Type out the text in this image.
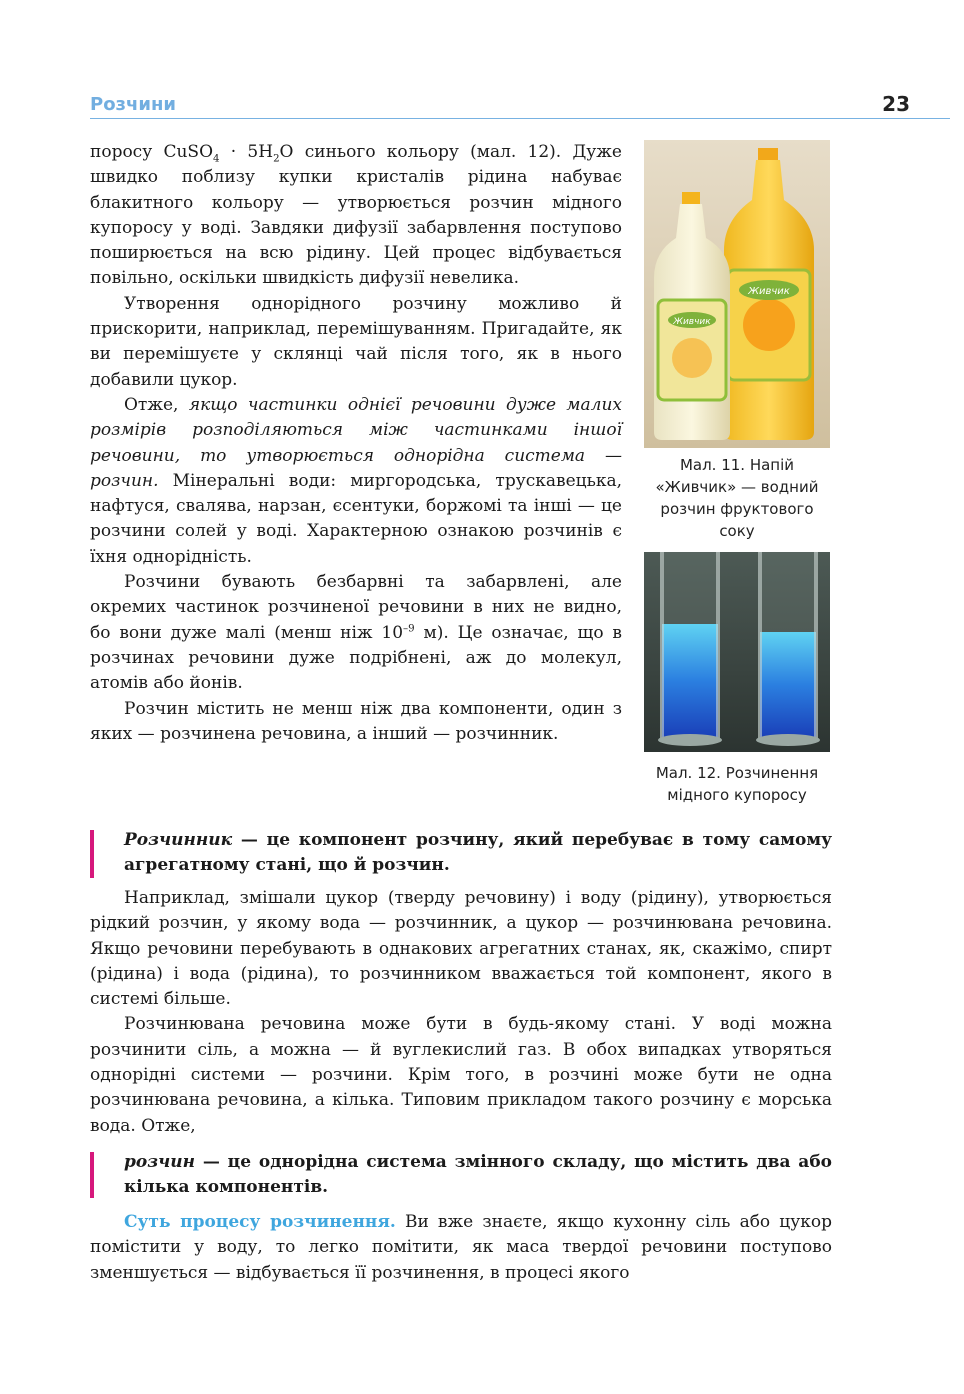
Розчини	23

поросу CuSO$_4$ · $5H_2O$ синього кольору (мал. 12). Дуже швидко поблизу купки кристалів рідина набуває блакитного кольору — утворюється розчин мідного купоросу у воді. Завдяки дифузії забарвлення поступово поширюється на всю рідину. Цей процес відбувається повільно, оскільки швидкість дифузії невелика.

Утворення однорідного розчину можливо й прискорити, наприклад, перемішуванням. Пригадайте, як ви перемішуєте у склянці чай після того, як в нього добавили цукор.

Отже, якщо частинки однієї речовини дуже малих розмірів розподіляються між частинками іншої речовини, то утворюється однорідна система — розчин. Мінеральні води: миргородська, трускавецька, нафтуся, свалява, нарзан, єсентуки, боржомі та інші — це розчини солей у воді. Характерною ознакою розчинів є їхня однорідність.

Розчини бувають безбарвні та забарвлені, але окремих частинок розчиненої речовини в них не видно, бо вони дуже малі (менш ніж $10^{-9}$ м). Це означає, що в розчинах речовини дуже подрібнені, аж до молекул, атомів або йонів.

Розчин містить не менш ніж два компоненти, один з яких — розчинена речовина, а інший — розчинник.

Живчик
Живчик
Мал. 11. Напій «Живчик» — водний розчин фруктового соку
Мал. 12. Розчинення мідного купоросу
Розчинник — це компонент розчину, який перебуває в тому самому агрегатному стані, що й розчин.

Наприклад, змішали цукор (тверду речовину) і воду (рідину), утворюється рідкий розчин, у якому вода — розчинник, а цукор — розчинювана речовина. Якщо речовини перебувають в однакових агрегатних станах, як, скажімо, спирт (рідина) і вода (рідина), то розчинником вважається той компонент, якого в системі більше.

Розчинювана речовина може бути в будь-якому стані. У воді можна розчинити сіль, а можна — й вуглекислий газ. В обох випадках утворяться однорідні системи — розчини. Крім того, в розчині може бути не одна розчинювана речовина, а кілька. Типовим прикладом такого розчину є морська вода. Отже,

розчин — це однорідна система змінного складу, що містить два або кілька компонентів.

Суть процесу розчинення. Ви вже знаєте, якщо кухонну сіль або цукор помістити у воду, то легко помітити, як маса твердої речовини поступово зменшується — відбувається її розчинення, в процесі якого
